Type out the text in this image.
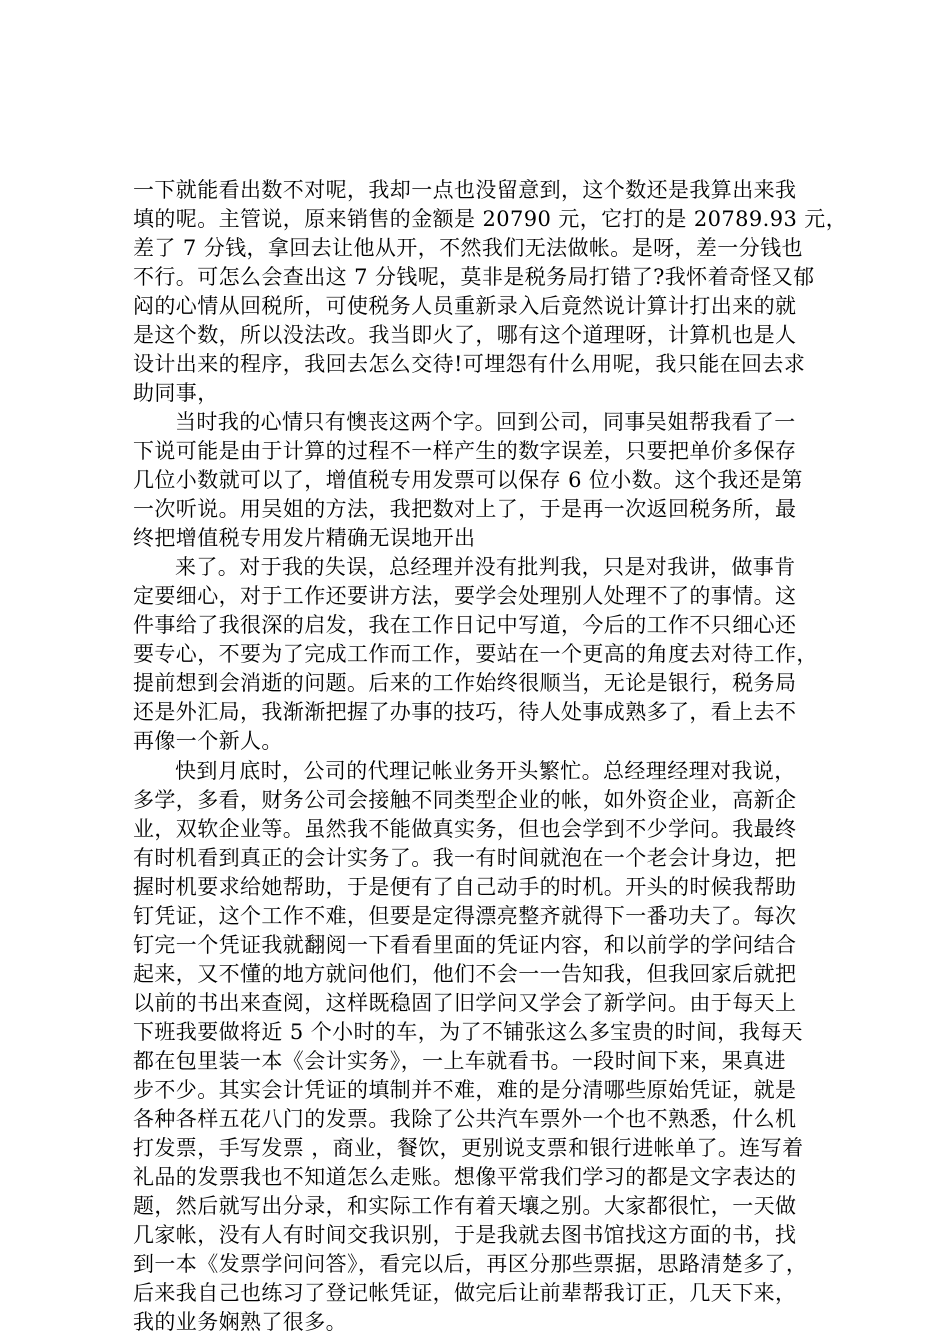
一下就能看出数不对呢，我却一点也没留意到，这个数还是我算出来我
填的呢。主管说，原来销售的金额是 20790 元，它打的是 20789.93 元，
差了 7 分钱，拿回去让他从开，不然我们无法做帐。是呀，差一分钱也
不行。可怎么会查出这 7 分钱呢，莫非是税务局打错了?我怀着奇怪又郁
闷的心情从回税所，可使税务人员重新录入后竟然说计算计打出来的就
是这个数，所以没法改。我当即火了，哪有这个道理呀，计算机也是人
设计出来的程序，我回去怎么交待!可埋怨有什么用呢，我只能在回去求
助同事，
当时我的心情只有懊丧这两个字。回到公司，同事吴姐帮我看了一
下说可能是由于计算的过程不一样产生的数字误差，只要把单价多保存
几位小数就可以了，增值税专用发票可以保存 6 位小数。这个我还是第
一次听说。用吴姐的方法，我把数对上了，于是再一次返回税务所，最
终把增值税专用发片精确无误地开出
来了。对于我的失误，总经理并没有批判我，只是对我讲，做事肯
定要细心，对于工作还要讲方法，要学会处理别人处理不了的事情。这
件事给了我很深的启发，我在工作日记中写道，今后的工作不只细心还
要专心，不要为了完成工作而工作，要站在一个更高的角度去对待工作，
提前想到会消逝的问题。后来的工作始终很顺当，无论是银行，税务局
还是外汇局，我渐渐把握了办事的技巧，待人处事成熟多了，看上去不
再像一个新人。
快到月底时，公司的代理记帐业务开头繁忙。总经理经理对我说，
多学，多看，财务公司会接触不同类型企业的帐，如外资企业，高新企
业，双软企业等。虽然我不能做真实务，但也会学到不少学问。我最终
有时机看到真正的会计实务了。我一有时间就泡在一个老会计身边，把
握时机要求给她帮助，于是便有了自己动手的时机。开头的时候我帮助
钉凭证，这个工作不难，但要是定得漂亮整齐就得下一番功夫了。每次
钉完一个凭证我就翻阅一下看看里面的凭证内容，和以前学的学问结合
起来，又不懂的地方就问他们，他们不会一一告知我，但我回家后就把
以前的书出来查阅，这样既稳固了旧学问又学会了新学问。由于每天上
下班我要做将近 5 个小时的车，为了不铺张这么多宝贵的时间，我每天
都在包里装一本《会计实务》，一上车就看书。一段时间下来，果真进
步不少。其实会计凭证的填制并不难，难的是分清哪些原始凭证，就是
各种各样五花八门的发票。我除了公共汽车票外一个也不熟悉，什么机
打发票，手写发票 ，商业，餐饮，更别说支票和银行进帐单了。连写着
礼品的发票我也不知道怎么走账。想像平常我们学习的都是文字表达的
题，然后就写出分录，和实际工作有着天壤之别。大家都很忙，一天做
几家帐，没有人有时间交我识别，于是我就去图书馆找这方面的书，找
到一本《发票学问问答》，看完以后，再区分那些票据，思路清楚多了，
后来我自己也练习了登记帐凭证，做完后让前辈帮我订正，几天下来，
我的业务娴熟了很多。
